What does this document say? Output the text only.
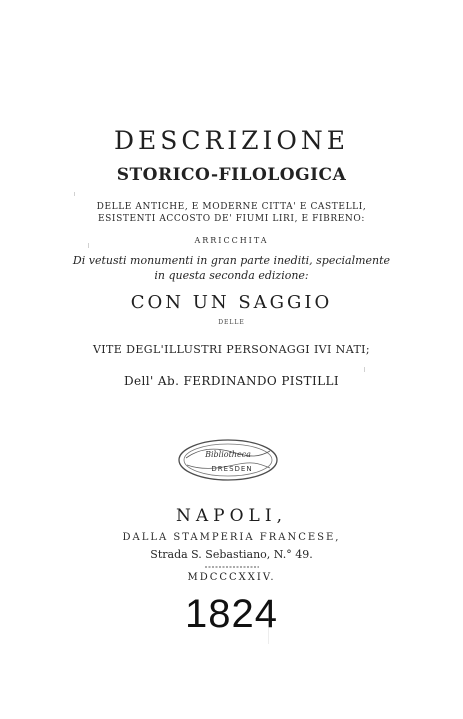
DESCRIZIONE
STORICO-FILOLOGICA
DELLE ANTICHE, E MODERNE CITTA' E CASTELLI,
ESISTENTI ACCOSTO DE' FIUMI LIRI, E FIBRENO:
ARRICCHITA
Di vetusti monumenti in gran parte inediti, specialmente
in questa seconda edizione:
CON UN SAGGIO
DELLE
VITE DEGL'ILLUSTRI PERSONAGGI IVI NATI;
Dell' Ab. FERDINANDO PISTILLI
Bibliotheca
DRESDEN
NAPOLI,
DALLA STAMPERIA FRANCESE,
Strada S. Sebastiano, N.° 49.
MDCCCXXIV.
1824
